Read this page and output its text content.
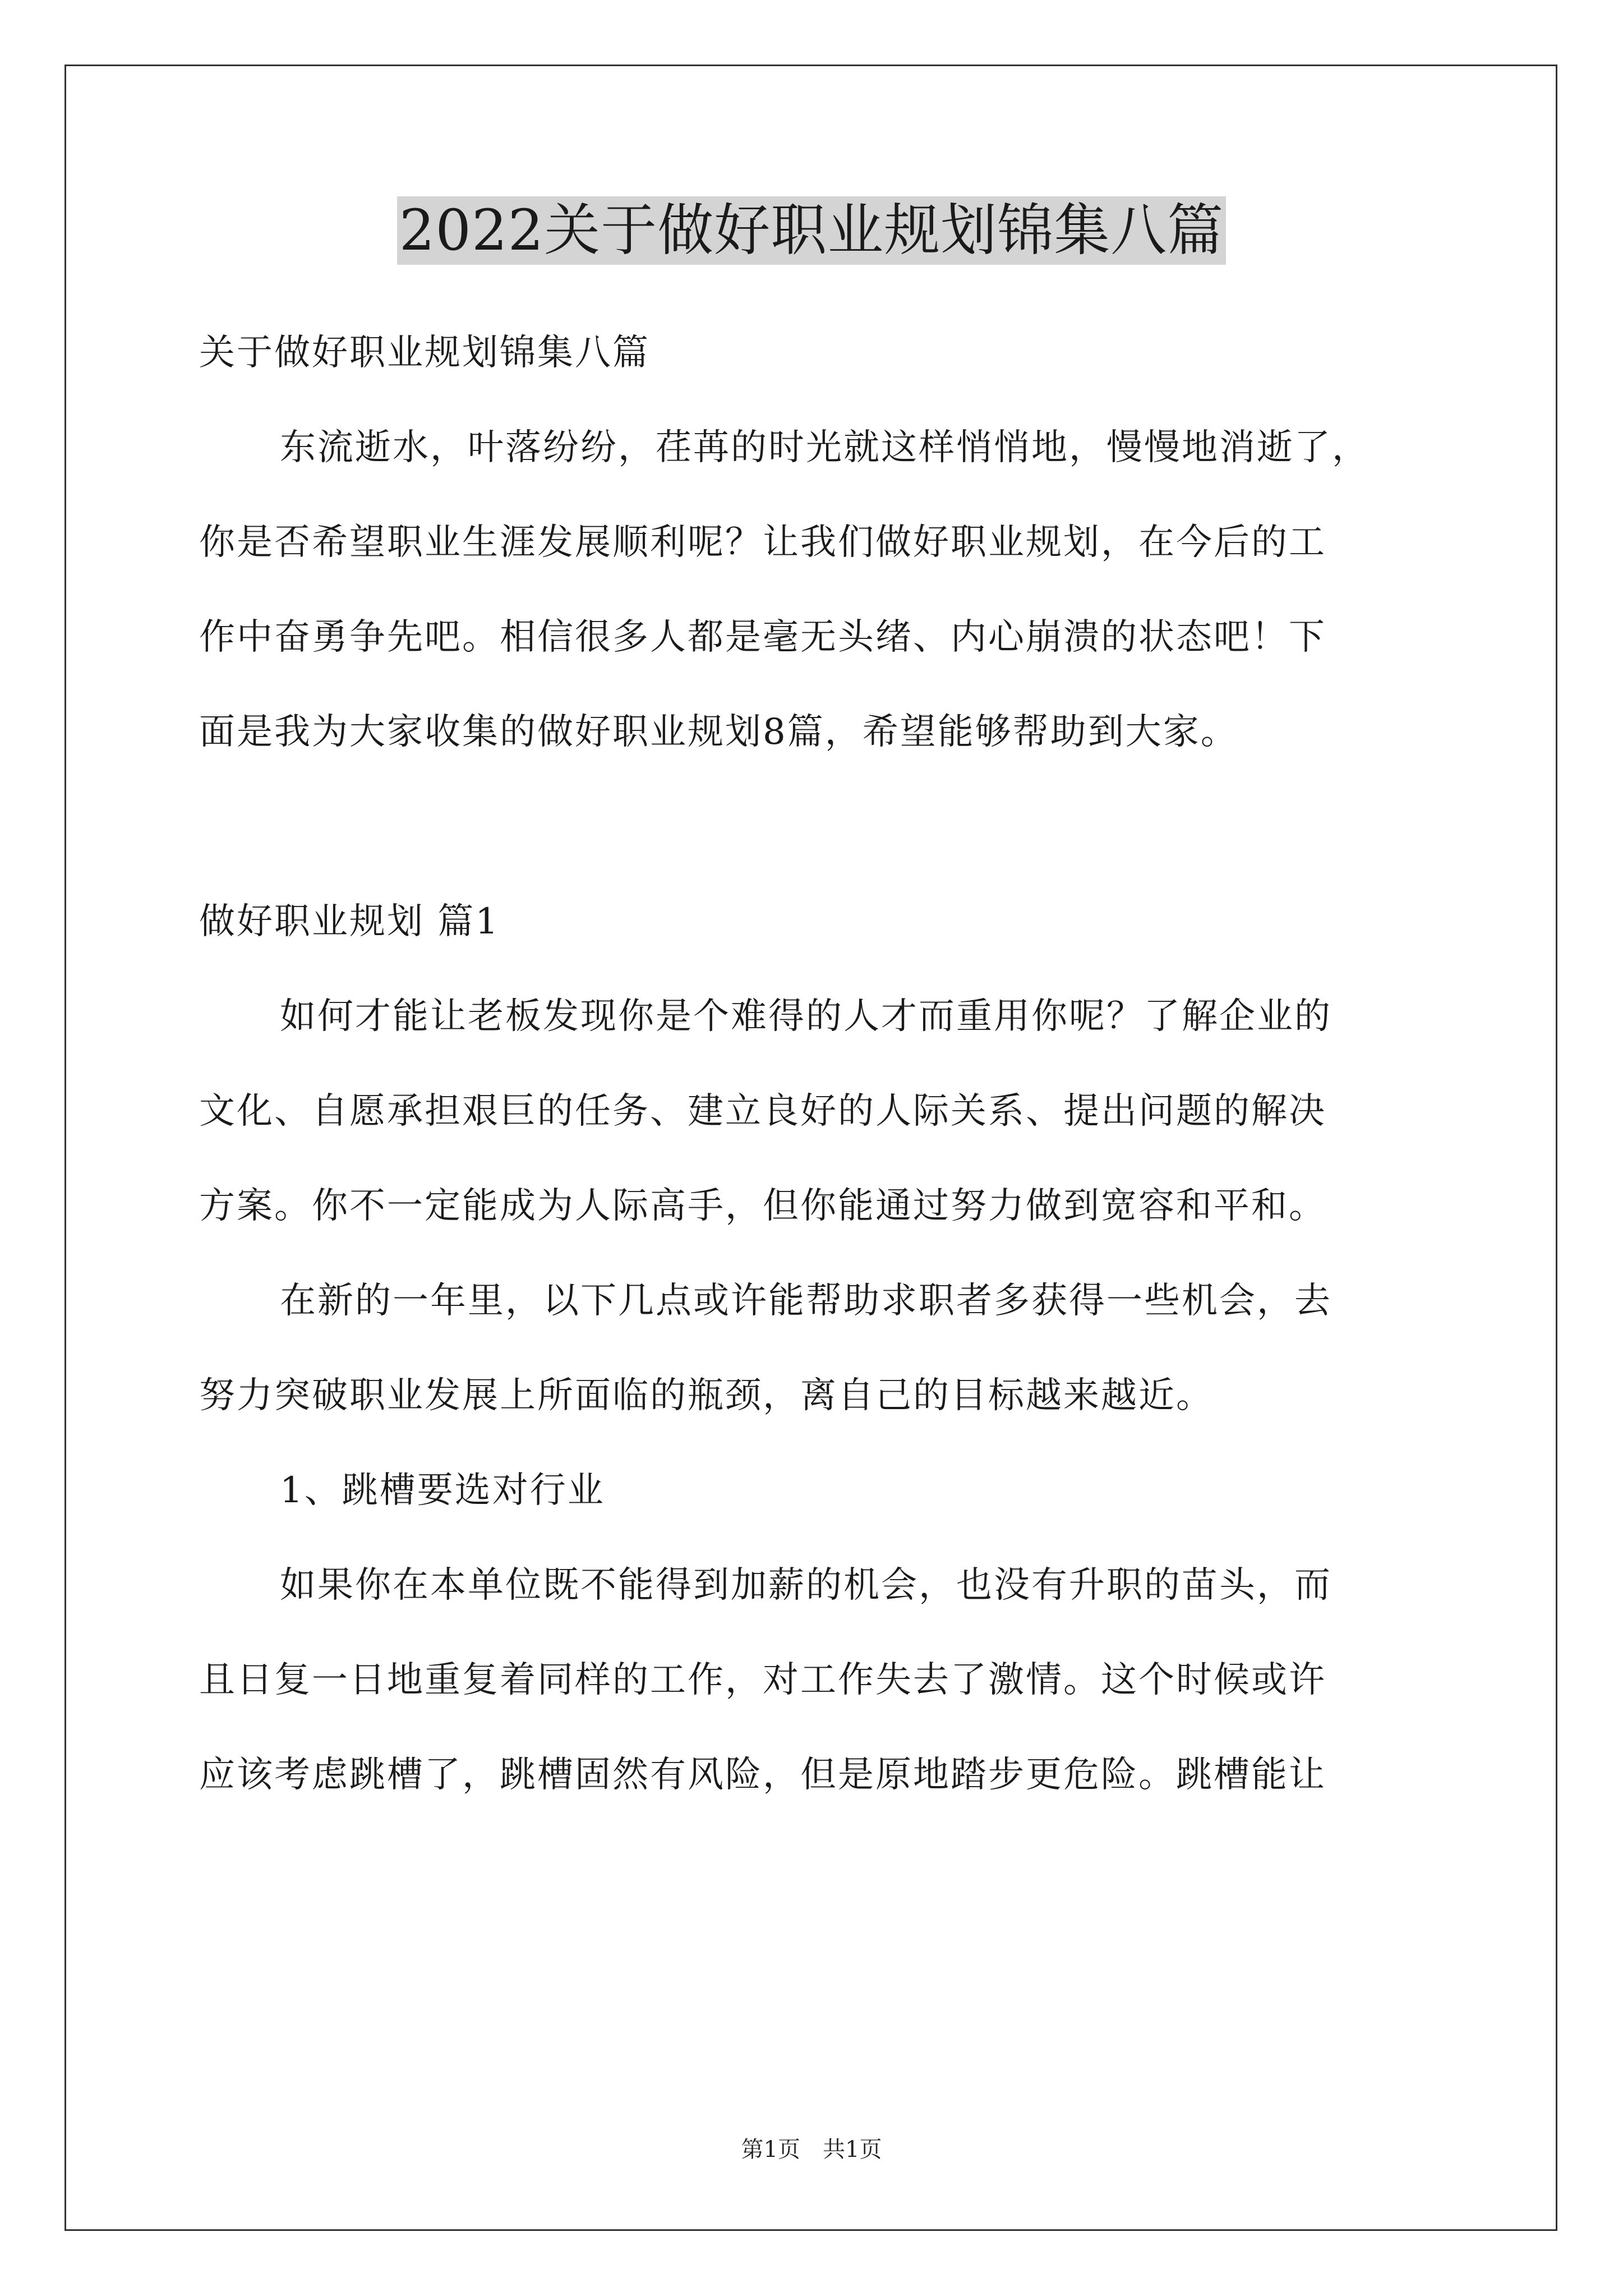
2022关于做好职业规划锦集八篇
关于做好职业规划锦集八篇
东流逝水，叶落纷纷，荏苒的时光就这样悄悄地，慢慢地消逝了，
你是否希望职业生涯发展顺利呢？让我们做好职业规划，在今后的工
作中奋勇争先吧。相信很多人都是毫无头绪、内心崩溃的状态吧！下
面是我为大家收集的做好职业规划8篇，希望能够帮助到大家。
做好职业规划 篇1
如何才能让老板发现你是个难得的人才而重用你呢？了解企业的
文化、自愿承担艰巨的任务、建立良好的人际关系、提出问题的解决
方案。你不一定能成为人际高手，但你能通过努力做到宽容和平和。
在新的一年里，以下几点或许能帮助求职者多获得一些机会，去
努力突破职业发展上所面临的瓶颈，离自己的目标越来越近。
1、跳槽要选对行业
如果你在本单位既不能得到加薪的机会，也没有升职的苗头，而
且日复一日地重复着同样的工作，对工作失去了激情。这个时候或许
应该考虑跳槽了，跳槽固然有风险，但是原地踏步更危险。跳槽能让
第1页　共1页
